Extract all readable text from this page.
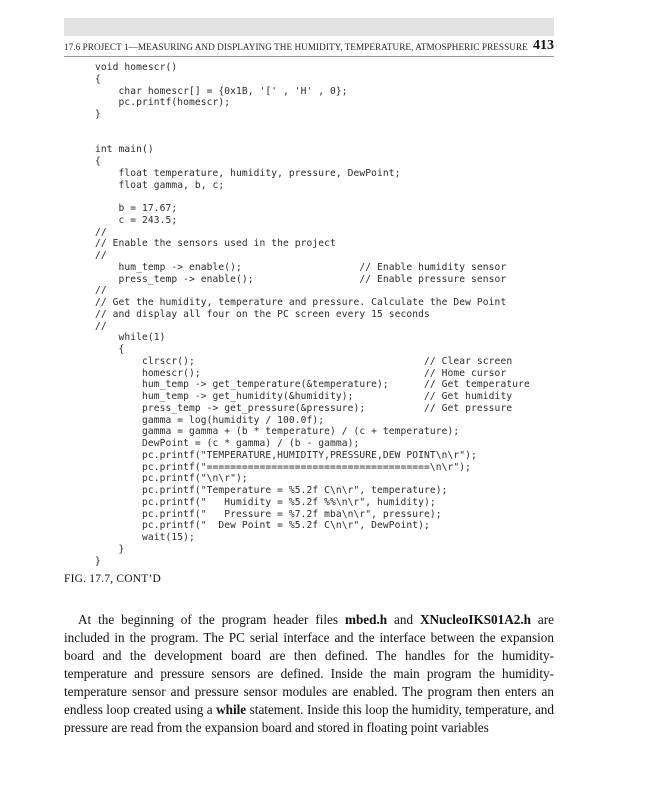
17.6 PROJECT 1—MEASURING AND DISPLAYING THE HUMIDITY, TEMPERATURE, ATMOSPHERIC PRESSURE 413
void homescr()
{
char homescr[] = {0x1B, '[' , 'H' , 0};
pc.printf(homescr);
}

int main()
{
float temperature, humidity, pressure, DewPoint;
float gamma, b, c;

b = 17.67;
c = 243.5;
//
// Enable the sensors used in the project
//
hum_temp -> enable();                    // Enable humidity sensor
press_temp -> enable();                  // Enable pressure sensor
//
// Get the humidity, temperature and pressure. Calculate the Dew Point
// and display all four on the PC screen every 15 seconds
//
while(1)
{
clrscr();                                       // Clear screen
homescr();                                      // Home cursor
hum_temp -> get_temperature(&temperature);      // Get temperature
hum_temp -> get_humidity(&humidity);            // Get humidity
press_temp -> get_pressure(&pressure);          // Get pressure
gamma = log(humidity / 100.0f);
gamma = gamma + (b * temperature) / (c + temperature);
DewPoint = (c * gamma) / (b - gamma);
pc.printf("TEMPERATURE,HUMIDITY,PRESSURE,DEW POINT\n\r");
pc.printf("======================================\n\r");
pc.printf("\n\r");
pc.printf("Temperature = %5.2f C\n\r", temperature);
pc.printf("   Humidity = %5.2f %%\n\r", humidity);
pc.printf("   Pressure = %7.2f mba\n\r", pressure);
pc.printf("  Dew Point = %5.2f C\n\r", DewPoint);
wait(15);
}
}
FIG. 17.7, CONT’D

At the beginning of the program header files mbed.h and XNucleoIKS01A2.h are included in the program. The PC serial interface and the interface between the expansion board and the development board are then defined. The handles for the humidity-temperature and pressure sensors are defined. Inside the main program the humidity-temperature sensor and pressure sensor modules are enabled. The program then enters an endless loop created using a while statement. Inside this loop the humidity, temperature, and pressure are read from the expansion board and stored in floating point variables
